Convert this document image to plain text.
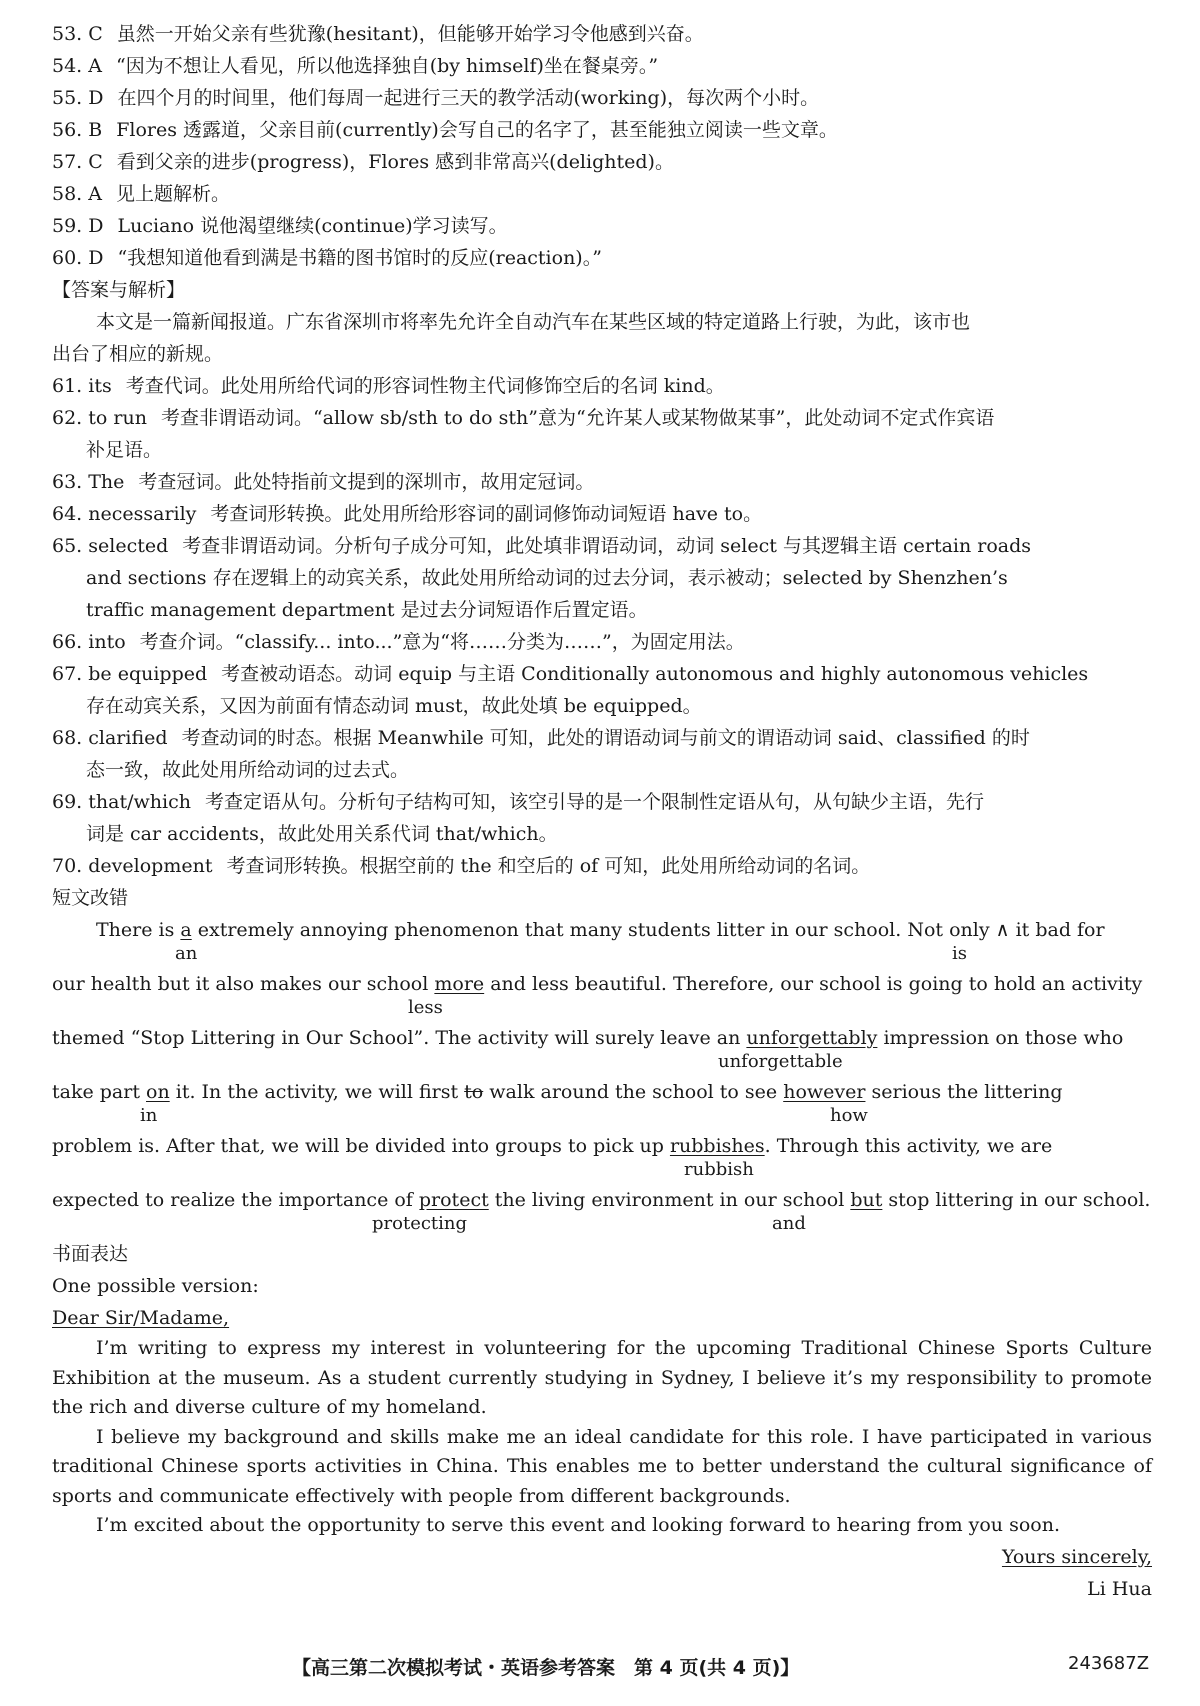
53. C 虽然一开始父亲有些犹豫(hesitant)，但能够开始学习令他感到兴奋。
54. A “因为不想让人看见，所以他选择独自(by himself)坐在餐桌旁。”
55. D 在四个月的时间里，他们每周一起进行三天的教学活动(working)，每次两个小时。
56. B Flores 透露道，父亲目前(currently)会写自己的名字了，甚至能独立阅读一些文章。
57. C 看到父亲的进步(progress)，Flores 感到非常高兴(delighted)。
58. A 见上题解析。
59. D Luciano 说他渴望继续(continue)学习读写。
60. D “我想知道他看到满是书籍的图书馆时的反应(reaction)。”
【答案与解析】
本文是一篇新闻报道。广东省深圳市将率先允许全自动汽车在某些区域的特定道路上行驶，为此，该市也
出台了相应的新规。
61. its 考查代词。此处用所给代词的形容词性物主代词修饰空后的名词 kind。
62. to run 考查非谓语动词。“allow sb/sth to do sth”意为“允许某人或某物做某事”，此处动词不定式作宾语
补足语。
63. The 考查冠词。此处特指前文提到的深圳市，故用定冠词。
64. necessarily 考查词形转换。此处用所给形容词的副词修饰动词短语 have to。
65. selected 考查非谓语动词。分析句子成分可知，此处填非谓语动词，动词 select 与其逻辑主语 certain roads
and sections 存在逻辑上的动宾关系，故此处用所给动词的过去分词，表示被动；selected by Shenzhen’s
traffic management department 是过去分词短语作后置定语。
66. into 考查介词。“classify... into...”意为“将……分类为……”，为固定用法。
67. be equipped 考查被动语态。动词 equip 与主语 Conditionally autonomous and highly autonomous vehicles
存在动宾关系，又因为前面有情态动词 must，故此处填 be equipped。
68. clarified 考查动词的时态。根据 Meanwhile 可知，此处的谓语动词与前文的谓语动词 said、classified 的时
态一致，故此处用所给动词的过去式。
69. that/which 考查定语从句。分析句子结构可知，该空引导的是一个限制性定语从句，从句缺少主语，先行
词是 car accidents，故此处用关系代词 that/which。
70. development 考查词形转换。根据空前的 the 和空后的 of 可知，此处用所给动词的名词。
短文改错
There is a extremely annoying phenomenon that many students litter in our school. Not only ∧ it bad for
an	is
our health but it also makes our school more and less beautiful. Therefore, our school is going to hold an activity
less
themed “Stop Littering in Our School”. The activity will surely leave an unforgettably impression on those who
unforgettable
take part on it. In the activity, we will first to walk around the school to see however serious the littering
in	how
problem is. After that, we will be divided into groups to pick up rubbishes. Through this activity, we are
rubbish
expected to realize the importance of protect the living environment in our school but stop littering in our school.
protecting	and
书面表达
One possible version:
Dear Sir/Madame,
I’m writing to express my interest in volunteering for the upcoming Traditional Chinese Sports Culture Exhibition at the museum. As a student currently studying in Sydney, I believe it’s my responsibility to promote the rich and diverse culture of my homeland.
I believe my background and skills make me an ideal candidate for this role. I have participated in various traditional Chinese sports activities in China. This enables me to better understand the cultural significance of sports and communicate effectively with people from different backgrounds.
I’m excited about the opportunity to serve this event and looking forward to hearing from you soon.
Yours sincerely,
Li Hua
【高三第二次模拟考试・英语参考答案　第 4 页(共 4 页)】	243687Z
